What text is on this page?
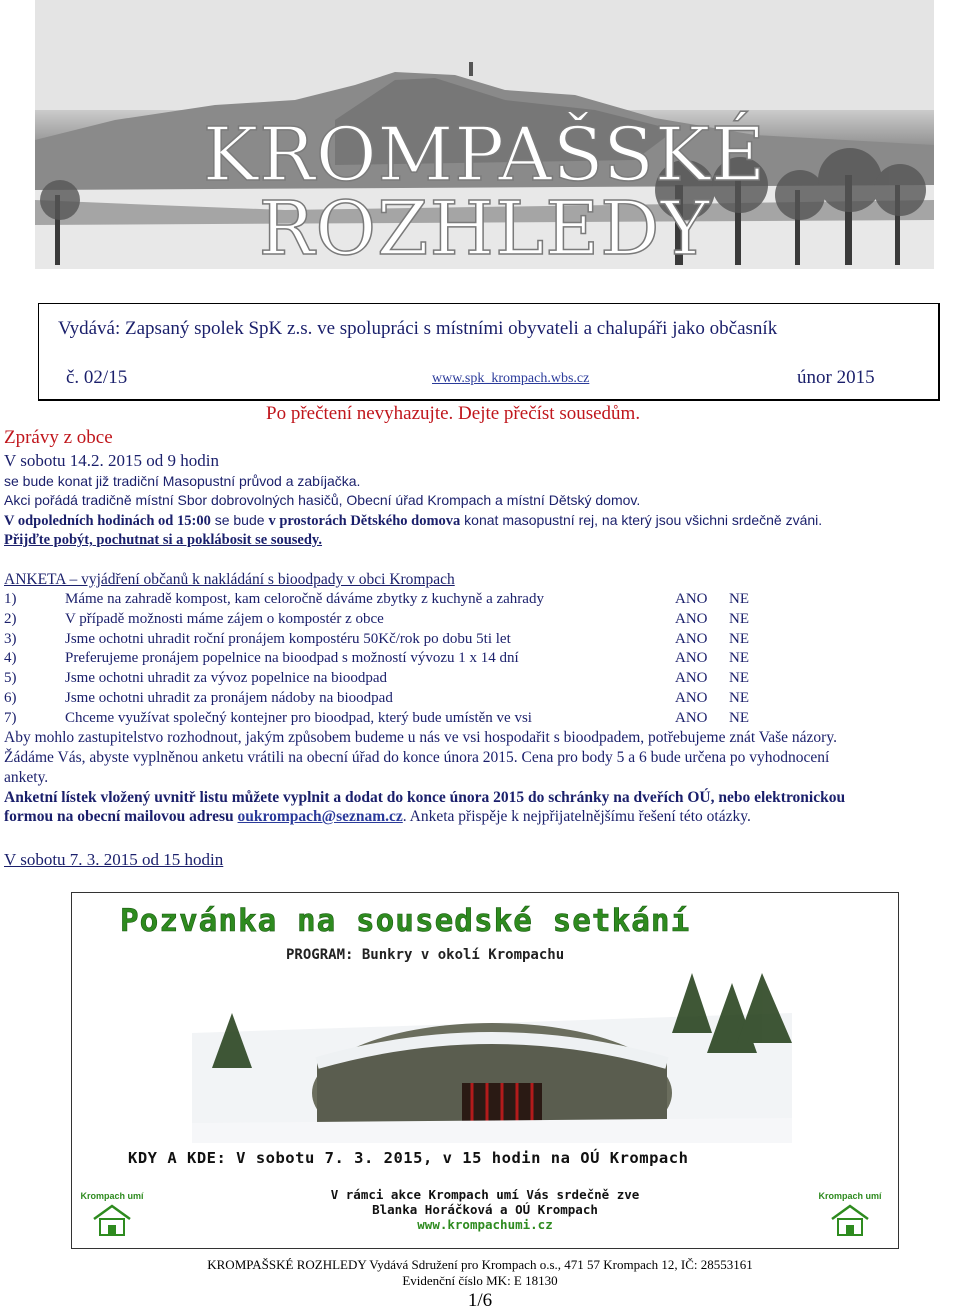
KROMPAŠSKÉ ROZHLEDY
Vydává: Zapsaný spolek SpK z.s. ve spolupráci s místními obyvateli a chalupáři jako občasník
č. 02/15	www.spk_krompach.wbs.cz	únor 2015
Po přečtení nevyhazujte. Dejte přečíst sousedům.
Zprávy z obce
V sobotu 14.2. 2015 od 9 hodin
se bude konat již tradiční Masopustní průvod a zabíjačka.
Akci pořádá tradičně místní Sbor dobrovolných hasičů, Obecní úřad Krompach a místní Dětský domov.
V odpoledních hodinách od 15:00 se bude v prostorách Dětského domova konat masopustní rej, na který jsou všichni srdečně zváni.
Přijďte pobýt, pochutnat si a poklábosit se sousedy.
ANKETA – vyjádření občanů k nakládání s bioodpady v obci Krompach
1)	Máme na zahradě kompost, kam celoročně dáváme zbytky z kuchyně a zahrady	ANO NE
2)	V případě možnosti máme zájem o kompostér z obce	ANO NE
3)	Jsme ochotni uhradit roční pronájem kompostéru 50Kč/rok po dobu 5ti let	ANO NE
4)	Preferujeme pronájem popelnice na bioodpad s možností vývozu 1 x 14 dní	ANO NE
5)	Jsme ochotni uhradit za vývoz popelnice na bioodpad	ANO NE
6)	Jsme ochotni uhradit za pronájem nádoby na bioodpad	ANO NE
7)	Chceme využívat společný kontejner pro bioodpad, který bude umístěn ve vsi	ANO NE
Aby mohlo zastupitelstvo rozhodnout, jakým způsobem budeme u nás ve vsi hospodařit s bioodpadem, potřebujeme znát Vaše názory.
Žádáme Vás, abyste vyplněnou anketu vrátili na obecní úřad do konce února 2015. Cena pro body 5 a 6 bude určena po vyhodnocení
ankety.
Anketní lístek vložený uvnitř listu můžete vyplnit a dodat do konce února 2015 do schránky na dveřích OÚ, nebo elektronickou
formou na obecní mailovou adresu oukrompach@seznam.cz. Anketa přispěje k nejpřijatelnějšímu řešení této otázky.
V sobotu 7. 3. 2015 od 15 hodin
Pozvánka na sousedské setkání
PROGRAM: Bunkry v okolí Krompachu
KDY A KDE: V sobotu 7. 3. 2015, v 15 hodin na OÚ Krompach
V rámci akce Krompach umí Vás srdečně zve
Blanka Horáčková a OÚ Krompach
www.krompachumi.cz
Krompach umí	Krompach umí
KROMPAŠSKÉ ROZHLEDY Vydává Sdružení pro Krompach o.s., 471 57 Krompach 12, IČ: 28553161
Evidenční číslo MK: E 18130
1/6
